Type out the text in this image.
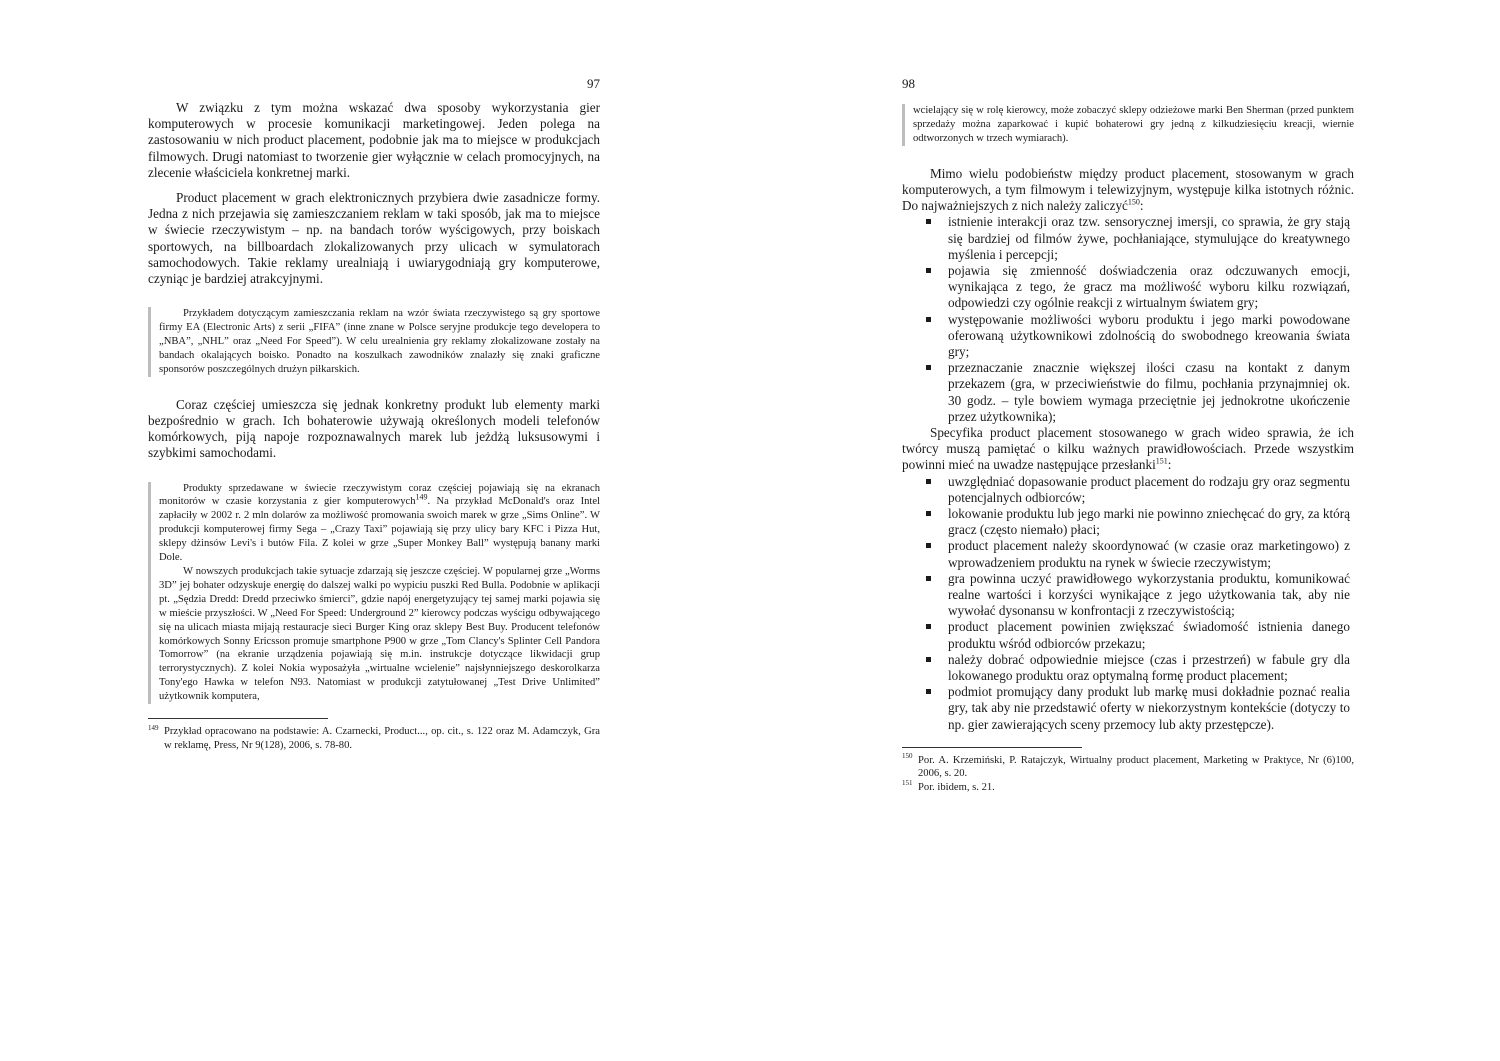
97

W związku z tym można wskazać dwa sposoby wykorzystania gier komputerowych w procesie komunikacji marketingowej. Jeden polega na zastosowaniu w nich product placement, podobnie jak ma to miejsce w produkcjach filmowych. Drugi natomiast to tworzenie gier wyłącznie w celach promocyjnych, na zlecenie właściciela konkretnej marki.

Product placement w grach elektronicznych przybiera dwie zasadnicze formy. Jedna z nich przejawia się zamieszczaniem reklam w taki sposób, jak ma to miejsce w świecie rzeczywistym – np. na bandach torów wyścigowych, przy boiskach sportowych, na billboardach zlokalizowanych przy ulicach w symulatorach samochodowych. Takie reklamy urealniają i uwiarygodniają gry komputerowe, czyniąc je bardziej atrakcyjnymi.

Przykładem dotyczącym zamieszczania reklam na wzór świata rzeczywistego są gry sportowe firmy EA (Electronic Arts) z serii „FIFA” (inne znane w Polsce seryjne produkcje tego developera to „NBA”, „NHL” oraz „Need For Speed”). W celu urealnienia gry reklamy złokalizowane zostały na bandach okalających boisko. Ponadto na koszulkach zawodników znalazły się znaki graficzne sponsorów poszczególnych drużyn piłkarskich.

Coraz częściej umieszcza się jednak konkretny produkt lub elementy marki bezpośrednio w grach. Ich bohaterowie używają określonych modeli telefonów komórkowych, piją napoje rozpoznawalnych marek lub jeżdżą luksusowymi i szybkimi samochodami.

Produkty sprzedawane w świecie rzeczywistym coraz częściej pojawiają się na ekranach monitorów w czasie korzystania z gier komputerowych$^{149}$. Na przykład McDonald's oraz Intel zapłaciły w 2002 r. 2 mln dolarów za możliwość promowania swoich marek w grze „Sims Online”. W produkcji komputerowej firmy Sega – „Crazy Taxi” pojawiają się przy ulicy bary KFC i Pizza Hut, sklepy dżinsów Levi's i butów Fila. Z kolei w grze „Super Monkey Ball” występują banany marki Dole.

W nowszych produkcjach takie sytuacje zdarzają się jeszcze częściej. W popularnej grze „Worms 3D” jej bohater odzyskuje energię do dalszej walki po wypiciu puszki Red Bulla. Podobnie w aplikacji pt. „Sędzia Dredd: Dredd przeciwko śmierci”, gdzie napój energetyzujący tej samej marki pojawia się w mieście przyszłości. W „Need For Speed: Underground 2” kierowcy podczas wyścigu odbywającego się na ulicach miasta mijają restauracje sieci Burger King oraz sklepy Best Buy. Producent telefonów komórkowych Sonny Ericsson promuje smartphone P900 w grze „Tom Clancy's Splinter Cell Pandora Tomorrow” (na ekranie urządzenia pojawiają się m.in. instrukcje dotyczące likwidacji grup terrorystycznych). Z kolei Nokia wyposażyła „wirtualne wcielenie” najsłynniejszego deskorolkarza Tony'ego Hawka w telefon N93. Natomiast w produkcji zatytułowanej „Test Drive Unlimited” użytkownik komputera,

149 Przykład opracowano na podstawie: A. Czarnecki, Product..., op. cit., s. 122 oraz M. Adamczyk, Gra w reklamę, Press, Nr 9(128), 2006, s. 78-80.

98

wcielający się w rolę kierowcy, może zobaczyć sklepy odzieżowe marki Ben Sherman (przed punktem sprzedaży można zaparkować i kupić bohaterowi gry jedną z kilkudziesięciu kreacji, wiernie odtworzonych w trzech wymiarach).

Mimo wielu podobieństw między product placement, stosowanym w grach komputerowych, a tym filmowym i telewizyjnym, występuje kilka istotnych różnic. Do najważniejszych z nich należy zaliczyć$^{150}$:

istnienie interakcji oraz tzw. sensorycznej imersji, co sprawia, że gry stają się bardziej od filmów żywe, pochłaniające, stymulujące do kreatywnego myślenia i percepcji;
pojawia się zmienność doświadczenia oraz odczuwanych emocji, wynikająca z tego, że gracz ma możliwość wyboru kilku rozwiązań, odpowiedzi czy ogólnie reakcji z wirtualnym światem gry;
występowanie możliwości wyboru produktu i jego marki powodowane oferowaną użytkownikowi zdolnością do swobodnego kreowania świata gry;
przeznaczanie znacznie większej ilości czasu na kontakt z danym przekazem (gra, w przeciwieństwie do filmu, pochłania przynajmniej ok. 30 godz. – tyle bowiem wymaga przeciętnie jej jednokrotne ukończenie przez użytkownika);

Specyfika product placement stosowanego w grach wideo sprawia, że ich twórcy muszą pamiętać o kilku ważnych prawidłowościach. Przede wszystkim powinni mieć na uwadze następujące przesłanki$^{151}$:

uwzględniać dopasowanie product placement do rodzaju gry oraz segmentu potencjalnych odbiorców;
lokowanie produktu lub jego marki nie powinno zniechęcać do gry, za którą gracz (często niemało) płaci;
product placement należy skoordynować (w czasie oraz marketingowo) z wprowadzeniem produktu na rynek w świecie rzeczywistym;
gra powinna uczyć prawidłowego wykorzystania produktu, komunikować realne wartości i korzyści wynikające z jego użytkowania tak, aby nie wywołać dysonansu w konfrontacji z rzeczywistością;
product placement powinien zwiększać świadomość istnienia danego produktu wśród odbiorców przekazu;
należy dobrać odpowiednie miejsce (czas i przestrzeń) w fabule gry dla lokowanego produktu oraz optymalną formę product placement;
podmiot promujący dany produkt lub markę musi dokładnie poznać realia gry, tak aby nie przedstawić oferty w niekorzystnym kontekście (dotyczy to np. gier zawierających sceny przemocy lub akty przestępcze).

150 Por. A. Krzemiński, P. Ratajczyk, Wirtualny product placement, Marketing w Praktyce, Nr (6)100, 2006, s. 20.

151 Por. ibidem, s. 21.
